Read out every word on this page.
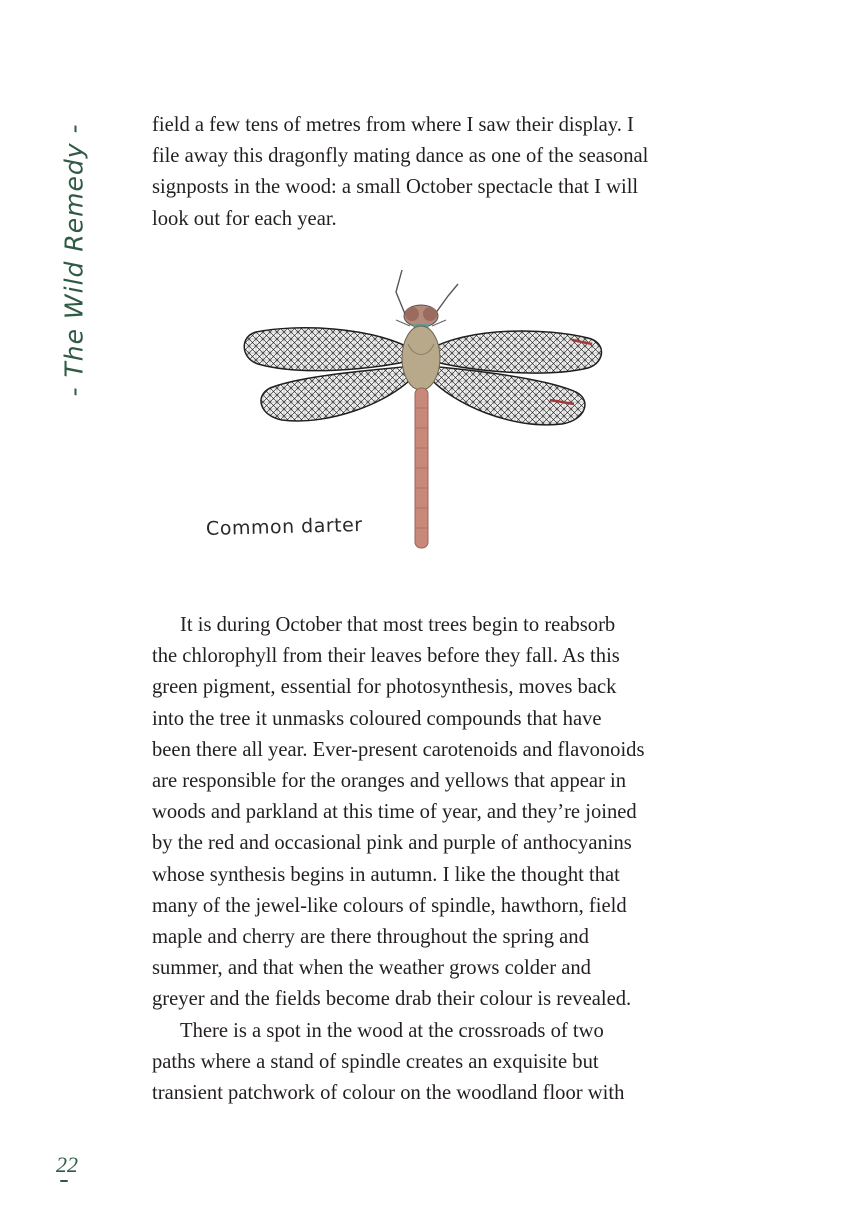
- The Wild Remedy -	field a few tens of metres from where I saw their display. I
file away this dragonfly mating dance as one of the seasonal
signposts in the wood: a small October spectacle that I will
look out for each year.

Common darter

It is during October that most trees begin to reabsorb
the chlorophyll from their leaves before they fall. As this
green pigment, essential for photosynthesis, moves back
into the tree it unmasks coloured compounds that have
been there all year. Ever-present carotenoids and flavonoids
are responsible for the oranges and yellows that appear in
woods and parkland at this time of year, and they’re joined
by the red and occasional pink and purple of anthocyanins
whose synthesis begins in autumn. I like the thought that
many of the jewel-like colours of spindle, hawthorn, field
maple and cherry are there throughout the spring and
summer, and that when the weather grows colder and
greyer and the fields become drab their colour is revealed.

There is a spot in the wood at the crossroads of two
paths where a stand of spindle creates an exquisite but
transient patchwork of colour on the woodland floor with

22
